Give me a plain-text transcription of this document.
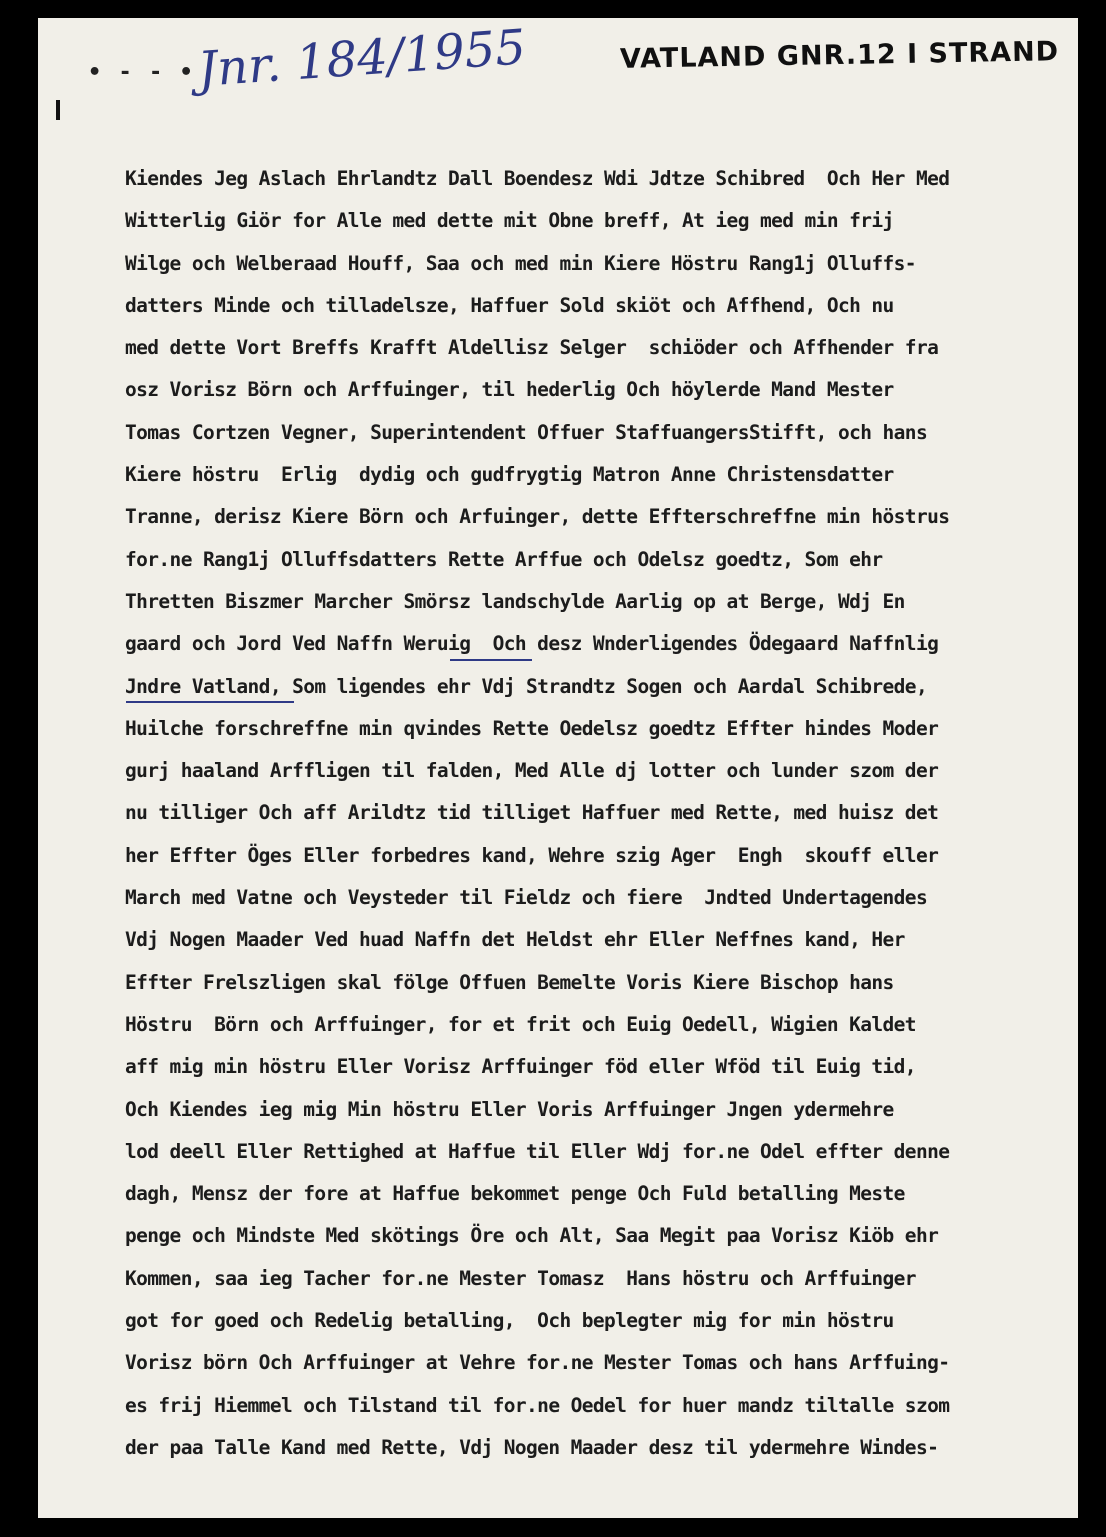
• - - • Jnr. 184/1955	VATLAND GNR.12 I STRAND
Kiendes Jeg Aslach Ehrlandtz Dall Boendesz Wdi Jdtze Schibred  Och Her Med
Witterlig Giör for Alle med dette mit Obne breff, At ieg med min frij
Wilge och Welberaad Houff, Saa och med min Kiere Höstru Rang1j Olluffs-
datters Minde och tilladelsze, Haffuer Sold skiöt och Affhend, Och nu
med dette Vort Breffs Krafft Aldellisz Selger  schiöder och Affhender fra
osz Vorisz Börn och Arffuinger, til hederlig Och höylerde Mand Mester
Tomas Cortzen Vegner, Superintendent Offuer StaffuangersStifft, och hans
Kiere höstru  Erlig  dydig och gudfrygtig Matron Anne Christensdatter
Tranne, derisz Kiere Börn och Arfuinger, dette Effterschreffne min höstrus
for.ne Rang1j Olluffsdatters Rette Arffue och Odelsz goedtz, Som ehr
Thretten Biszmer Marcher Smörsz landschylde Aarlig op at Berge, Wdj En
gaard och Jord Ved Naffn Weruig  Och desz Wnderligendes Ödegaard Naffnlig
Jndre Vatland, Som ligendes ehr Vdj Strandtz Sogen och Aardal Schibrede,
Huilche forschreffne min qvindes Rette Oedelsz goedtz Effter hindes Moder
gurj haaland Arffligen til falden, Med Alle dj lotter och lunder szom der
nu tilliger Och aff Arildtz tid tilliget Haffuer med Rette, med huisz det
her Effter Öges Eller forbedres kand, Wehre szig Ager  Engh  skouff eller
March med Vatne och Veysteder til Fieldz och fiere  Jndted Undertagendes
Vdj Nogen Maader Ved huad Naffn det Heldst ehr Eller Neffnes kand, Her
Effter Frelszligen skal fölge Offuen Bemelte Voris Kiere Bischop hans
Höstru  Börn och Arffuinger, for et frit och Euig Oedell, Wigien Kaldet
aff mig min höstru Eller Vorisz Arffuinger föd eller Wföd til Euig tid,
Och Kiendes ieg mig Min höstru Eller Voris Arffuinger Jngen ydermehre
lod deell Eller Rettighed at Haffue til Eller Wdj for.ne Odel effter denne
dagh, Mensz der fore at Haffue bekommet penge Och Fuld betalling Meste
penge och Mindste Med skötings Öre och Alt, Saa Megit paa Vorisz Kiöb ehr
Kommen, saa ieg Tacher for.ne Mester Tomasz  Hans höstru och Arffuinger
got for goed och Redelig betalling,  Och beplegter mig for min höstru
Vorisz börn Och Arffuinger at Vehre for.ne Mester Tomas och hans Arffuing-
es frij Hiemmel och Tilstand til for.ne Oedel for huer mandz tiltalle szom
der paa Talle Kand med Rette, Vdj Nogen Maader desz til ydermehre Windes-
